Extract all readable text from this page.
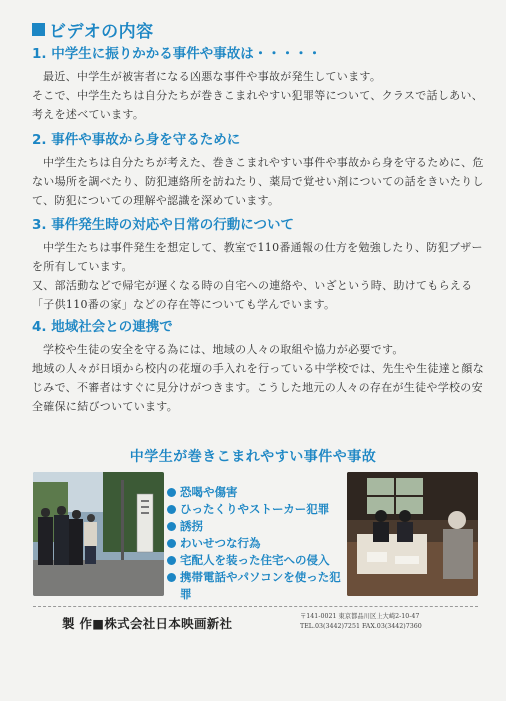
ビデオの内容
1. 中学生に振りかかる事件や事故は・・・・・

最近、中学生が被害者になる凶悪な事件や事故が発生しています。

そこで、中学生たちは自分たちが巻きこまれやすい犯罪等について、クラスで話しあい、考えを述べています。

2. 事件や事故から身を守るために

中学生たちは自分たちが考えた、巻きこまれやすい事件や事故から身を守るために、危ない場所を調べたり、防犯連絡所を訪ねたり、薬局で覚せい剤についての話をきいたりして、防犯についての理解や認識を深めています。

3. 事件発生時の対応や日常の行動について

中学生たちは事件発生を想定して、教室で110番通報の仕方を勉強したり、防犯ブザーを所有しています。

又、部活動などで帰宅が遅くなる時の自宅への連絡や、いざという時、助けてもらえる「子供110番の家」などの存在等についても学んでいます。

4. 地域社会との連携で

学校や生徒の安全を守る為には、地域の人々の取組や協力が必要です。

地域の人々が日頃から校内の花壇の手入れを行っている中学校では、先生や生徒達と顔なじみで、不審者はすぐに見分けがつきます。こうした地元の人々の存在が生徒や学校の安全確保に結びついています。

中学生が巻きこまれやすい事件や事故
恐喝や傷害
ひったくりやストーカー犯罪
誘拐
わいせつな行為
宅配人を装った住宅への侵入
携帯電話やパソコンを使った犯罪
製 作■株式会社日本映画新社	〒141-0021 東京都品川区上大崎2-10-47
TEL.03(3442)7251 FAX.03(3442)7360
